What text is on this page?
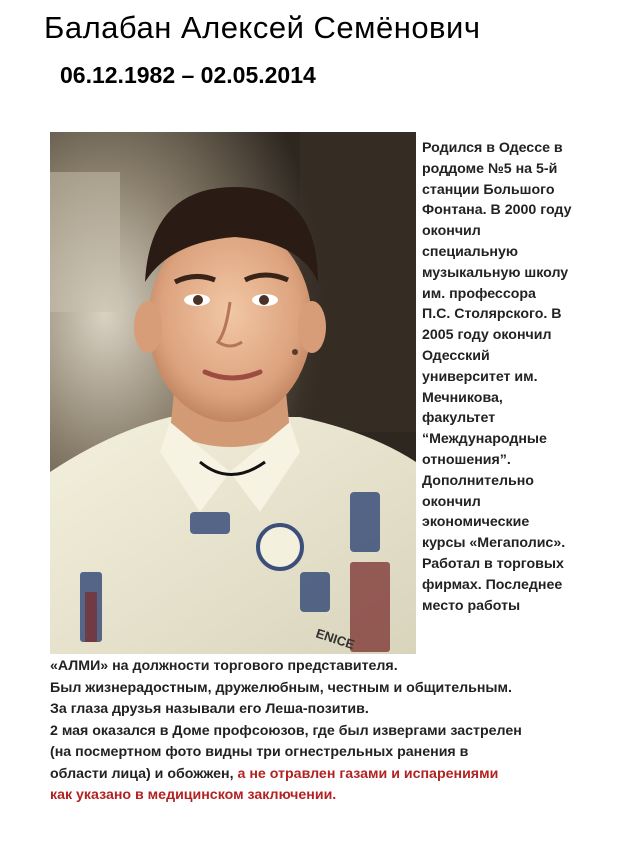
Балабан Алексей Семёнович
06.12.1982 – 02.05.2014
ENICE
Родился в Одессе в
роддоме №5 на 5-й
станции Большого
Фонтана. В 2000 году
окончил
специальную
музыкальную школу
им. профессора
П.С. Столярского. В
2005 году окончил
Одесский
университет им.
Мечникова,
факультет
“Международные
отношения”.
Дополнительно
окончил
экономические
курсы «Мегаполис».
Работал в торговых
фирмах. Последнее
место работы
«АЛМИ» на должности торгового представителя.
Был жизнерадостным, дружелюбным, честным и общительным.
За глаза друзья называли его Леша-позитив.
2 мая оказался в Доме профсоюзов, где был извергами застрелен
(на посмертном фото видны три огнестрельных ранения в
области лица) и обожжен, а не отравлен газами и испарениями
как указано в медицинском заключении.
